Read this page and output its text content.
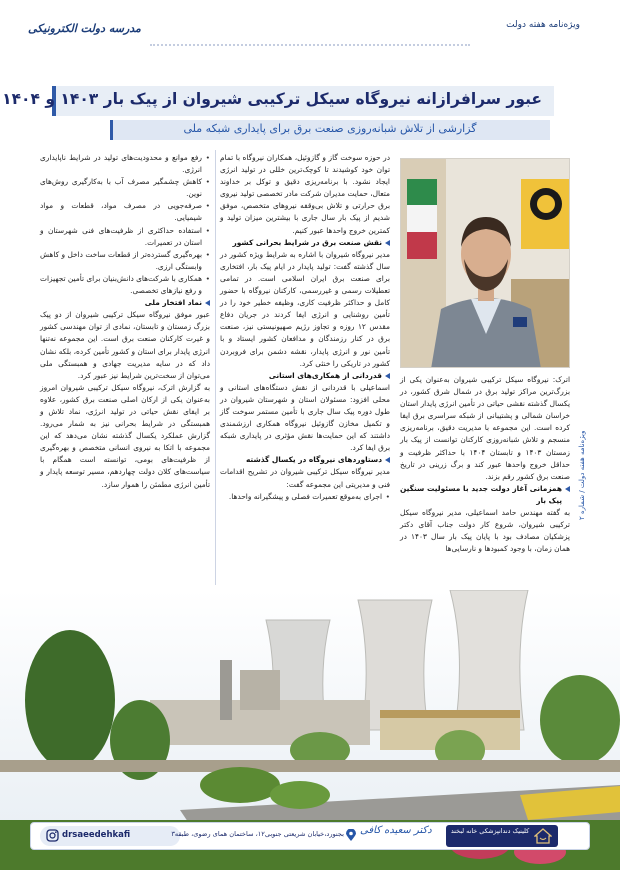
مدرسه دولت الکترونیکی	ویژه‌نامه هفته دولت
عبور سرافرازانه نیروگاه سیکل ترکیبی شیروان از پیک بار ۱۴۰۳ و ۱۴۰۴
گزارشی از تلاش شبانه‌روزی صنعت برق برای پایداری شبکه ملی

اترک: نیروگاه سیکل ترکیبی شیروان به‌عنوان یکی از بزرگ‌ترین مراکز تولید برق در شمال شرق کشور، در یکسال گذشته نقشی حیاتی در تأمین انرژی پایدار استان خراسان شمالی و پشتیبانی از شبکه سراسری برق ایفا کرده است. این مجموعه با مدیریت دقیق، برنامه‌ریزی منسجم و تلاش شبانه‌روزی کارکنان توانست از پیک بار زمستان ۱۴۰۳ و تابستان ۱۴۰۴ با حداکثر ظرفیت و حداقل خروج واحدها عبور کند و برگ زرینی در تاریخ صنعت برق کشور رقم بزند.

همزمانی آغاز دولت جدید با مسئولیت سنگین پیک بار

به گفته مهندس حامد اسماعیلی، مدیر نیروگاه سیکل ترکیبی شیروان، شروع کار دولت جناب آقای دکتر پزشکیان مصادف بود با پایان پیک بار سال ۱۴۰۳ در همان زمان، با وجود کمبودها و نارسایی‌ها

در حوزه سوخت گاز و گازوئیل، همکاران نیروگاه با تمام توان خود کوشیدند تا کوچک‌ترین خللی در تولید انرژی ایجاد نشود. با برنامه‌ریزی دقیق و توکل بر خداوند متعال، حمایت مدیران شرکت مادر تخصصی تولید نیروی برق حرارتی و تلاش بی‌وقفه نیروهای متخصص، موفق شدیم از پیک بار سال جاری با بیشترین میزان تولید و کمترین خروج واحدها عبور کنیم.

نقش صنعت برق در شرایط بحرانی کشور

مدیر نیروگاه شیروان با اشاره به شرایط ویژه کشور در سال گذشته گفت: تولید پایدار در ایام پیک بار، افتخاری برای صنعت برق ایران اسلامی است. در تمامی تعطیلات رسمی و غیررسمی، کارکنان نیروگاه با حضور کامل و حداکثر ظرفیت کاری، وظیفه خطیر خود را در تأمین روشنایی و انرژی ایفا کردند در جریان دفاع مقدس ۱۲ روزه و تجاوز رژیم صهیونیستی نیز، صنعت برق در کنار رزمندگان و مدافعان کشور ایستاد و با تأمین نور و انرژی پایدار، نقشه دشمن برای فروبردن کشور در تاریکی را خنثی کرد.

قدردانی از همکاری‌های استانی

اسماعیلی با قدردانی از نقش دستگاه‌های استانی و محلی افزود: مسئولان استان و شهرستان شیروان در طول دوره پیک سال جاری با تأمین مستمر سوخت گاز و تکمیل مخازن گازوئیل نیروگاه همکاری ارزشمندی داشتند که این حمایت‌ها نقش مؤثری در پایداری شبکه برق ایفا کرد.

دستاوردهای نیروگاه در یکسال گذشته

مدیر نیروگاه سیکل ترکیبی شیروان در تشریح اقدامات فنی و مدیریتی این مجموعه گفت:

• اجرای به‌موقع تعمیرات فصلی و پیشگیرانه واحدها.

• رفع موانع و محدودیت‌های تولید در شرایط ناپایداری انرژی.

• کاهش چشمگیر مصرف آب با به‌کارگیری روش‌های نوین.

• صرفه‌جویی در مصرف مواد، قطعات و مواد شیمیایی.

• استفاده حداکثری از ظرفیت‌های فنی شهرستان و استان در تعمیرات.

• بهره‌گیری گسترده‌تر از قطعات ساخت داخل و کاهش وابستگی ارزی.

• همکاری با شرکت‌های دانش‌بنیان برای تأمین تجهیزات و رفع نیازهای تخصصی.

نماد افتخار ملی

عبور موفق نیروگاه سیکل ترکیبی شیروان از دو پیک بزرگ زمستان و تابستان، نمادی از توان مهندسی کشور و غیرت کارکنان صنعت برق است. این مجموعه نه‌تنها انرژی پایدار برای استان و کشور تأمین کرده، بلکه نشان داد که در سایه مدیریت جهادی و همبستگی ملی می‌توان از سخت‌ترین شرایط نیز عبور کرد.

به گزارش اترک، نیروگاه سیکل ترکیبی شیروان امروز به‌عنوان یکی از ارکان اصلی صنعت برق کشور، علاوه بر ایفای نقش حیاتی در تولید انرژی، نماد تلاش و همبستگی در شرایط بحرانی نیز به شمار می‌رود. گزارش عملکرد یکسال گذشته نشان می‌دهد که این مجموعه با اتکا به نیروی انسانی متخصص و بهره‌گیری از ظرفیت‌های بومی، توانسته است همگام با سیاست‌های کلان دولت چهاردهم، مسیر توسعه پایدار و تأمین انرژی مطمئن را هموار سازد.

ویژه‌نامه هفته دولت / شماره ۲
drsaeedehkafi	بجنورد،خیابان شریعتی جنوبی۱۲، ساختمان همای رضوی، طبقه۳ دکتر سعیده کافی	کلینیک دندانپزشکی خانه لبخند
